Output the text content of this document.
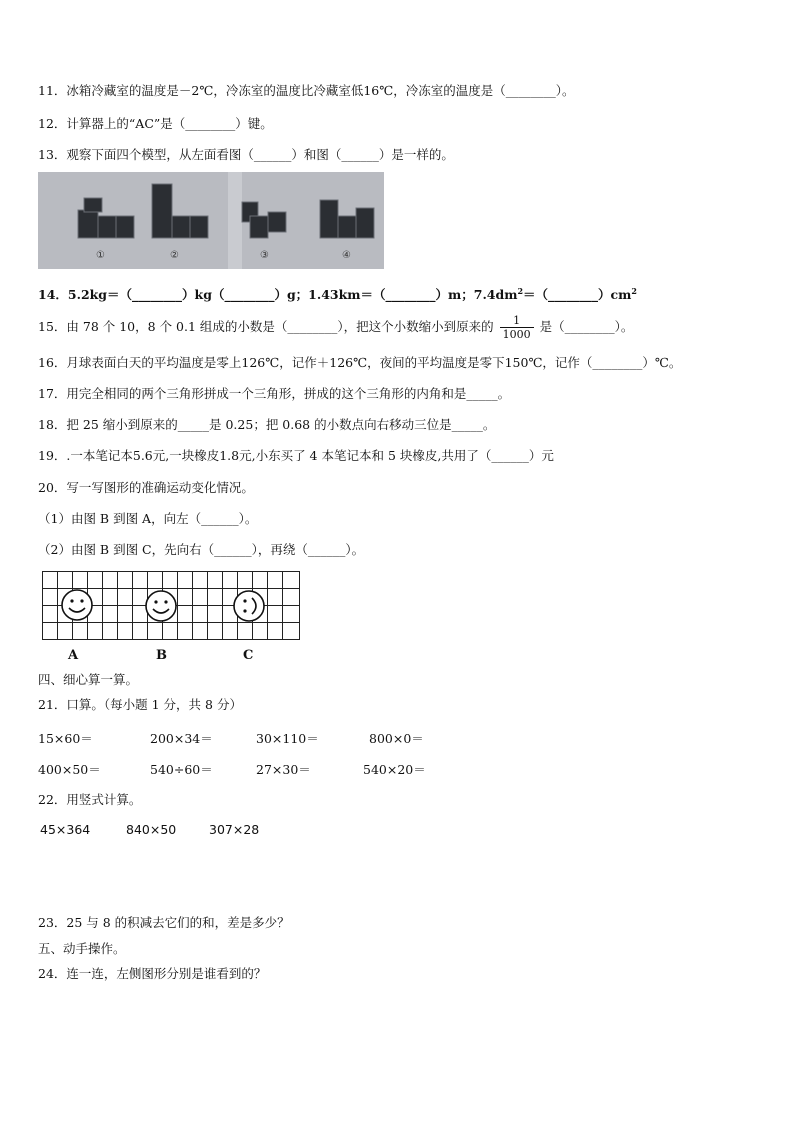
11．冰箱冷藏室的温度是－2℃，冷冻室的温度比冷藏室低16℃，冷冻室的温度是（________）。
12．计算器上的“AC”是（________）键。
13．观察下面四个模型，从左面看图（______）和图（______）是一样的。
①	②	③	④
14．5.2kg＝（________）kg（________）g；1.43km＝（________）m；$7.4dm^2=(\_\_\_\_\_\_\_\_)cm^2$
15．由 78 个 10，8 个 0.1 组成的小数是（________），把这个小数缩小到原来的 $\frac{1}{1000}$ 是（________）。
16．月球表面白天的平均温度是零上126℃，记作＋126℃，夜间的平均温度是零下150℃，记作（________）℃。
17．用完全相同的两个三角形拼成一个三角形，拼成的这个三角形的内角和是_____。
18．把 25 缩小到原来的_____是 0.25；把 0.68 的小数点向右移动三位是_____。
19．.一本笔记本5.6元,一块橡皮1.8元,小东买了 4 本笔记本和 5 块橡皮,共用了（______）元
20．写一写图形的准确运动变化情况。
（1）由图 B 到图 A，向左（______）。
（2）由图 B 到图 C，先向右（______），再绕（______）。
A	B	C
四、细心算一算。
21．口算。（每小题 1 分，共 8 分）
15×60＝	200×34＝	30×110＝	800×0＝
400×50＝	540÷60＝	27×30＝	540×20＝
22．用竖式计算。
45×364	840×50	307×28
23．25 与 8 的积减去它们的和，差是多少？
五、动手操作。
24．连一连，左侧图形分别是谁看到的？
